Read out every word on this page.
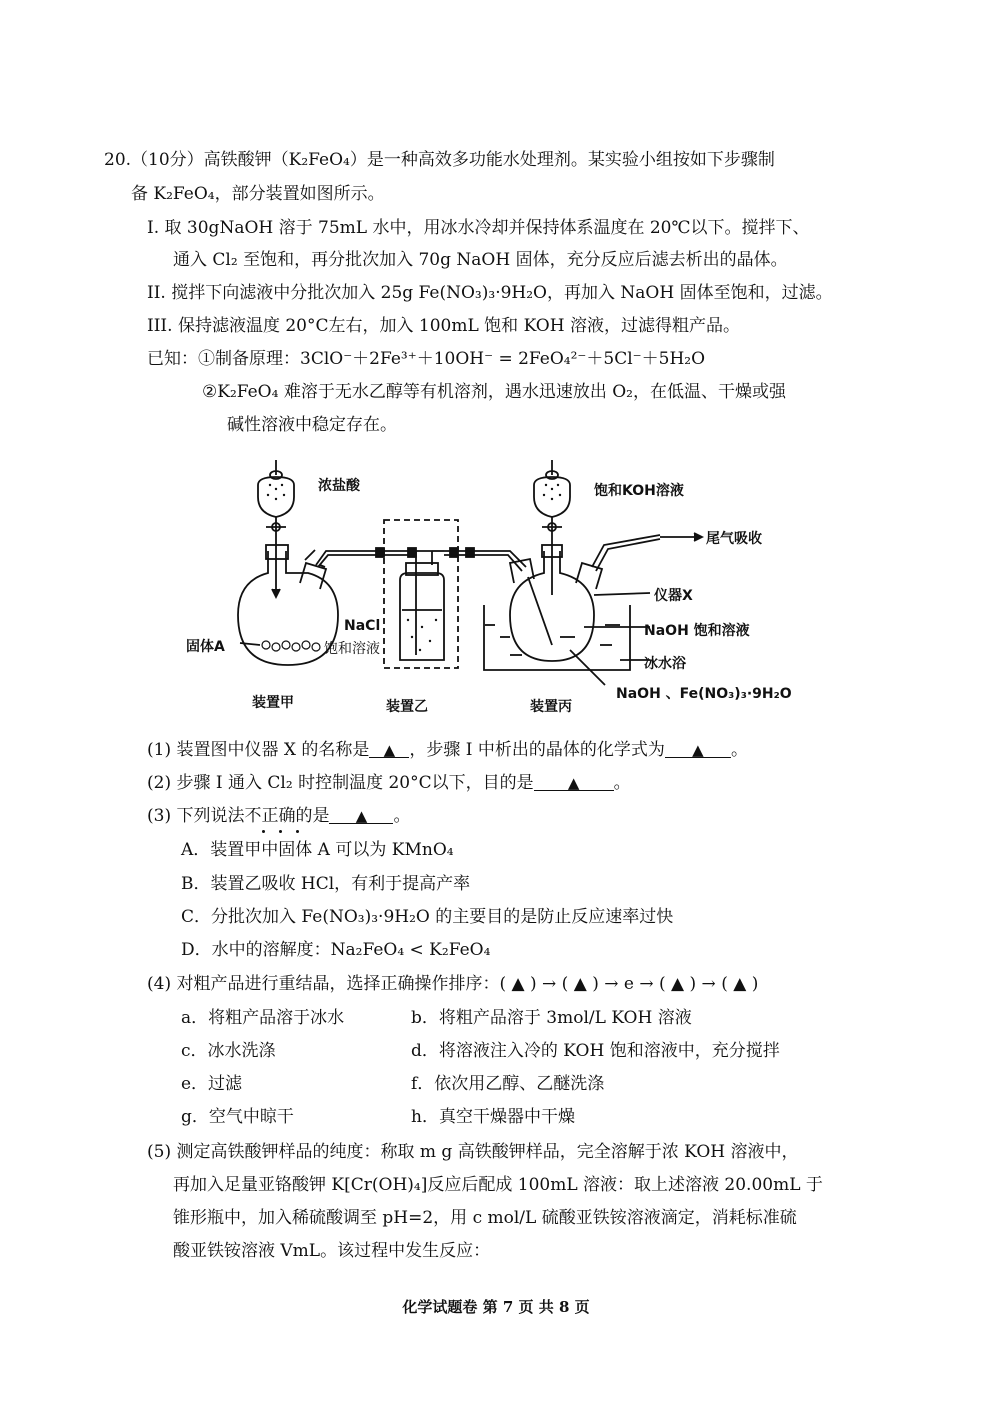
20.（10分）高铁酸钾（K₂FeO₄）是一种高效多功能水处理剂。某实验小组按如下步骤制
备 K₂FeO₄，部分装置如图所示。
I. 取 30gNaOH 溶于 75mL 水中，用冰水冷却并保持体系温度在 20℃以下。搅拌下、
通入 Cl₂ 至饱和，再分批次加入 70g NaOH 固体，充分反应后滤去析出的晶体。
II. 搅拌下向滤液中分批次加入 25g Fe(NO₃)₃·9H₂O，再加入 NaOH 固体至饱和，过滤。
III. 保持滤液温度 20°C左右，加入 100mL 饱和 KOH 溶液，过滤得粗产品。
已知：①制备原理：3ClO⁻＋2Fe³⁺＋10OH⁻ = 2FeO₄²⁻＋5Cl⁻＋5H₂O
②K₂FeO₄ 难溶于无水乙醇等有机溶剂，遇水迅速放出 O₂，在低温、干燥或强
碱性溶液中稳定存在。
浓盐酸	饱和KOH溶液
尾气吸收
仪器X
NaOH 饱和溶液
冰水浴
固体A
NaCl
饱和溶液
NaOH 、Fe(NO₃)₃·9H₂O
装置甲	装置乙	装置丙
(1) 装置图中仪器 X 的名称是 ▲ ，步骤 I 中析出的晶体的化学式为 ▲ 。
(2) 步骤 I 通入 Cl₂ 时控制温度 20°C以下，目的是 ▲ 。
(3) 下列说法不正确的是 ▲ 。
A．装置甲中固体 A 可以为 KMnO₄
B．装置乙吸收 HCl，有利于提高产率
C．分批次加入 Fe(NO₃)₃·9H₂O 的主要目的是防止反应速率过快
D．水中的溶解度：Na₂FeO₄ < K₂FeO₄
(4) 对粗产品进行重结晶，选择正确操作排序：( ▲ ) → ( ▲ ) → e → ( ▲ ) → ( ▲ )
a．将粗产品溶于冰水	b．将粗产品溶于 3mol/L KOH 溶液
c．冰水洗涤	d．将溶液注入冷的 KOH 饱和溶液中，充分搅拌
e．过滤	f．依次用乙醇、乙醚洗涤
g．空气中晾干	h．真空干燥器中干燥
(5) 测定高铁酸钾样品的纯度：称取 m g 高铁酸钾样品，完全溶解于浓 KOH 溶液中，
再加入足量亚铬酸钾 K[Cr(OH)₄]反应后配成 100mL 溶液：取上述溶液 20.00mL 于
锥形瓶中，加入稀硫酸调至 pH=2，用 c mol/L 硫酸亚铁铵溶液滴定，消耗标准硫
酸亚铁铵溶液 VmL。该过程中发生反应：
化学试题卷 第 7 页 共 8 页
